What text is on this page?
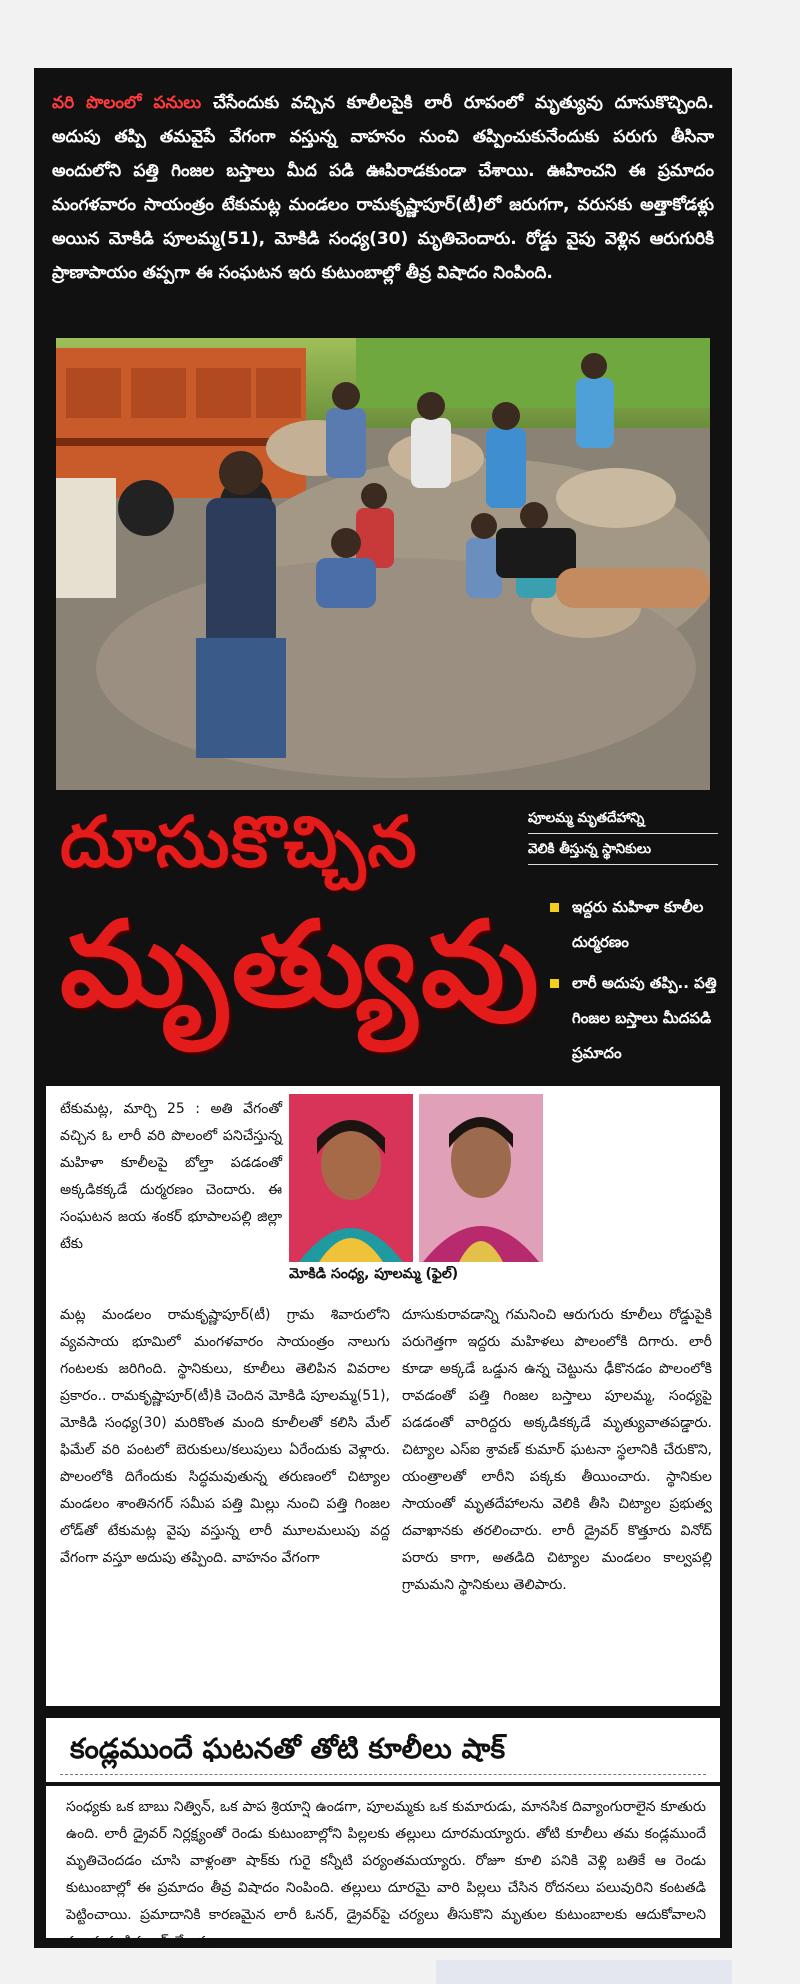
వరి పొలంలో పనులు చేసేందుకు వచ్చిన కూలీలపైకి లారీ రూపంలో మృత్యువు దూసుకొచ్చింది. అదుపు తప్పి తమవైపే వేగంగా వస్తున్న వాహనం నుంచి తప్పించుకునేందుకు పరుగు తీసినా అందులోని పత్తి గింజల బస్తాలు మీద పడి ఊపిరాడకుండా చేశాయి. ఊహించని ఈ ప్రమాదం మంగళవారం సాయంత్రం టేకుమట్ల మండలం రామకృష్ణాపూర్(టీ)లో జరుగగా, వరుసకు అత్తాకోడళ్లు అయిన మోకిడి పూలమ్మ(51), మోకిడి సంధ్య(30) మృతిచెందారు. రోడ్డు వైపు వెళ్లిన ఆరుగురికి ప్రాణాపాయం తప్పగా ఈ సంఘటన ఇరు కుటుంబాల్లో తీవ్ర విషాదం నింపింది.
పూలమ్మ మృతదేహాన్ని
వెలికి తీస్తున్న స్థానికులు
దూసుకొచ్చిన
మృత్యువు	ఇద్దరు మహిళా కూలీల దుర్మరణం
లారీ అదుపు తప్పి.. పత్తి గింజల బస్తాలు మీదపడి ప్రమాదం
టేకుమట్ల, మార్చి 25 : అతి వేగంతో వచ్చిన ఓ లారీ వరి పొలంలో పనిచేస్తున్న మహిళా కూలీలపై బోల్తా పడడంతో అక్కడికక్కడే దుర్మరణం చెందారు. ఈ సంఘటన జయ శంకర్ భూపాలపల్లి జిల్లా టేకు
మోకిడి సంధ్య, పూలమ్మ (ఫైల్)
మట్ల మండలం రామకృష్ణాపూర్(టీ) గ్రామ శివారులోని వ్యవసాయ భూమిలో మంగళవారం సాయంత్రం నాలుగు గంటలకు జరిగింది. స్థానికులు, కూలీలు తెలిపిన వివరాల ప్రకారం.. రామకృష్ణాపూర్(టీ)కి చెందిన మోకిడి పూలమ్మ(51), మోకిడి సంధ్య(30) మరికొంత మంది కూలీలతో కలిసి మేల్ ఫిమేల్ వరి పంటలో బెరుకులు/కలుపులు ఏరేందుకు వెళ్లారు. పొలంలోకి దిగేందుకు సిద్ధమవుతున్న తరుణంలో చిట్యాల మండలం శాంతినగర్ సమీప పత్తి మిల్లు నుంచి పత్తి గింజల లోడ్‌తో టేకుమట్ల వైపు వస్తున్న లారీ మూలమలుపు వద్ద వేగంగా వస్తూ అదుపు తప్పింది. వాహనం వేగంగా
దూసుకురావడాన్ని గమనించి ఆరుగురు కూలీలు రోడ్డుపైకి పరుగెత్తగా ఇద్దరు మహిళలు పొలంలోకి దిగారు. లారీ కూడా అక్కడే ఒడ్డున ఉన్న చెట్టును ఢీకొనడం పొలంలోకి రావడంతో పత్తి గింజల బస్తాలు పూలమ్మ, సంధ్యపై పడడంతో వారిద్దరు అక్కడికక్కడే మృత్యువాతపడ్డారు. చిట్యాల ఎస్ఐ శ్రావణ్ కుమార్ ఘటనా స్థలానికి చేరుకొని, యంత్రాలతో లారీని పక్కకు తీయించారు. స్థానికుల సాయంతో మృతదేహాలను వెలికి తీసి చిట్యాల ప్రభుత్వ దవాఖానకు తరలించారు. లారీ డ్రైవర్ కొత్తూరు వినోద్ పరారు కాగా, అతడిది చిట్యాల మండలం కాల్వపల్లి గ్రామమని స్థానికులు తెలిపారు.
కండ్లముందే ఘటనతో తోటి కూలీలు షాక్

సంధ్యకు ఒక బాబు నిత్విన్, ఒక పాప శ్రియాన్షి ఉండగా, పూలమ్మకు ఒక కుమారుడు, మానసిక దివ్యాంగురాలైన కూతురు ఉంది. లారీ డ్రైవర్ నిర్లక్ష్యంతో రెండు కుటుంబాల్లోని పిల్లలకు తల్లులు దూరమయ్యారు. తోటి కూలీలు తమ కండ్లముందే మృతిచెందడం చూసి వాళ్లంతా షాక్‌కు గురై కన్నీటి పర్యంతమయ్యారు. రోజూ కూలి పనికి వెళ్లి బతికే ఆ రెండు కుటుంబాల్లో ఈ ప్రమాదం తీవ్ర విషాదం నింపింది. తల్లులు దూరమై వారి పిల్లలు చేసిన రోదనలు పలువురిని కంటతడి పెట్టించాయి. ప్రమాదానికి కారణమైన లారీ ఓనర్, డ్రైవర్‌పై చర్యలు తీసుకొని మృతుల కుటుంబాలకు ఆదుకోవాలని పలువురు డిమాండ్ చేశారు.
